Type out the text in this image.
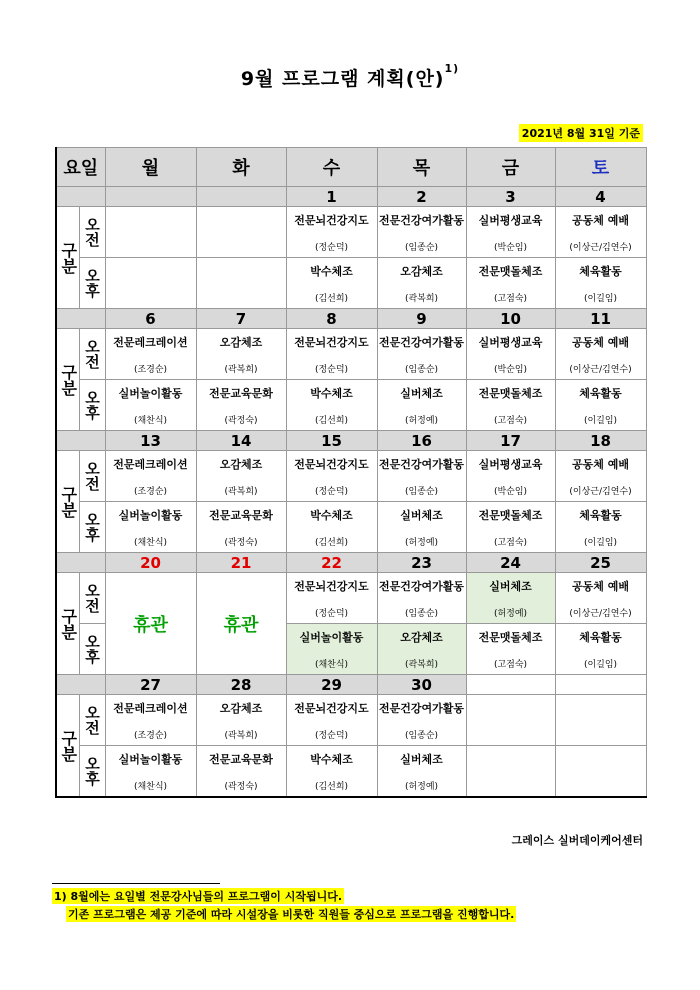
9월 프로그램 계획(안)$^{1)}$
2021년 8월 31일 기준
요일		월	화	수	목	금	토
				1	2	3	4
구분	오전			전문뇌건강지도
(정순덕)	전문건강여가활동
(임종순)	실버평생교육
(박순임)	공동체 예배
(이상근/김연수)

	오후			박수체조
(김선희)	오감체조
(곽복희)	전문맷돌체조
(고점숙)	체육활동
(이길임)

		6	7	8	9	10	11
구분	오전	전문레크레이션
(조경순)	오감체조
(곽복희)	전문뇌건강지도
(정순덕)	전문건강여가활동
(임종순)	실버평생교육
(박순임)	공동체 예배
(이상근/김연수)

	오후	실버놀이활동
(채찬식)	전문교육문화
(곽정숙)	박수체조
(김선희)	실버체조
(허정예)	전문맷돌체조
(고점숙)	체육활동
(이길임)

		13	14	15	16	17	18
구분	오전	전문레크레이션
(조경순)	오감체조
(곽복희)	전문뇌건강지도
(정순덕)	전문건강여가활동
(임종순)	실버평생교육
(박순임)	공동체 예배
(이상근/김연수)

	오후	실버놀이활동
(채찬식)	전문교육문화
(곽정숙)	박수체조
(김선희)	실버체조
(허정예)	전문맷돌체조
(고점숙)	체육활동
(이길임)

		20	21	22	23	24	25
구분	오전	휴관	휴관	전문뇌건강지도
(정순덕)	전문건강여가활동
(임종순)	실버체조
(허정예)	공동체 예배
(이상근/김연수)

	오후			실버놀이활동
(채찬식)	오감체조
(곽복희)	전문맷돌체조
(고점숙)	체육활동
(이길임)

		27	28	29	30		
구분	오전	전문레크레이션
(조경순)	오감체조
(곽복희)	전문뇌건강지도
(정순덕)	전문건강여가활동
(임종순)		

	오후	실버놀이활동
(채찬식)	전문교육문화
(곽정숙)	박수체조
(김선희)	실버체조
(허정예)		

그레이스 실버데이케어센터
1) 8월에는 요일별 전문강사님들의 프로그램이 시작됩니다.
기존 프로그램은 제공 기준에 따라 시설장을 비롯한 직원들 중심으로 프로그램을 진행합니다.
